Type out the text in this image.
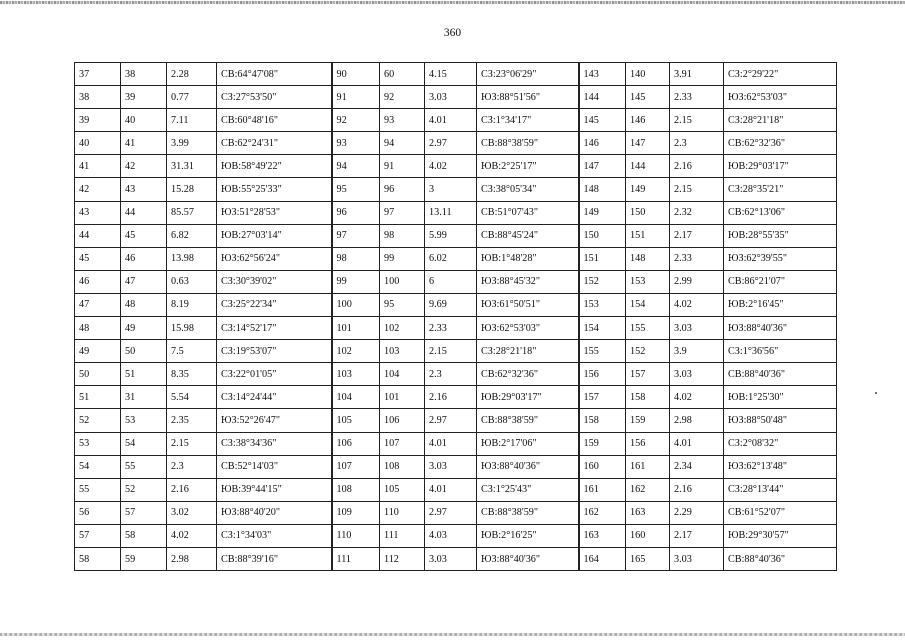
360
37	38	2.28	СВ:64°47'08"	90	60	4.15	СЗ:23°06'29"	143	140	3.91	СЗ:2°29'22"
38	39	0.77	СЗ:27°53'50"	91	92	3.03	ЮЗ:88°51'56"	144	145	2.33	ЮЗ:62°53'03"
39	40	7.11	СВ:60°48'16"	92	93	4.01	СЗ:1°34'17"	145	146	2.15	СЗ:28°21'18"
40	41	3.99	СВ:62°24'31"	93	94	2.97	СВ:88°38'59"	146	147	2.3	СВ:62°32'36"
41	42	31.31	ЮВ:58°49'22"	94	91	4.02	ЮВ:2°25'17"	147	144	2.16	ЮВ:29°03'17"
42	43	15.28	ЮВ:55°25'33"	95	96	3	СЗ:38°05'34"	148	149	2.15	СЗ:28°35'21"
43	44	85.57	ЮЗ:51°28'53"	96	97	13.11	СВ:51°07'43"	149	150	2.32	СВ:62°13'06"
44	45	6.82	ЮВ:27°03'14"	97	98	5.99	СВ:88°45'24"	150	151	2.17	ЮВ:28°55'35"
45	46	13.98	ЮЗ:62°56'24"	98	99	6.02	ЮВ:1°48'28"	151	148	2.33	ЮЗ:62°39'55"
46	47	0.63	СЗ:30°39'02"	99	100	6	ЮЗ:88°45'32"	152	153	2.99	СВ:86°21'07"
47	48	8.19	СЗ:25°22'34"	100	95	9.69	ЮЗ:61°50'51"	153	154	4.02	ЮВ:2°16'45"
48	49	15.98	СЗ:14°52'17"	101	102	2.33	ЮЗ:62°53'03"	154	155	3.03	ЮЗ:88°40'36"
49	50	7.5	СЗ:19°53'07"	102	103	2.15	СЗ:28°21'18"	155	152	3.9	СЗ:1°36'56"
50	51	8.35	СЗ:22°01'05"	103	104	2.3	СВ:62°32'36"	156	157	3.03	СВ:88°40'36"
51	31	5.54	СЗ:14°24'44"	104	101	2.16	ЮВ:29°03'17"	157	158	4.02	ЮВ:1°25'30"
52	53	2.35	ЮЗ:52°26'47"	105	106	2.97	СВ:88°38'59"	158	159	2.98	ЮЗ:88°50'48"
53	54	2.15	СЗ:38°34'36"	106	107	4.01	ЮВ:2°17'06"	159	156	4.01	СЗ:2°08'32"
54	55	2.3	СВ:52°14'03"	107	108	3.03	ЮЗ:88°40'36"	160	161	2.34	ЮЗ:62°13'48"
55	52	2.16	ЮВ:39°44'15"	108	105	4.01	СЗ:1°25'43"	161	162	2.16	СЗ:28°13'44"
56	57	3.02	ЮЗ:88°40'20"	109	110	2.97	СВ:88°38'59"	162	163	2.29	СВ:61°52'07"
57	58	4.02	СЗ:1°34'03"	110	111	4.03	ЮВ:2°16'25"	163	160	2.17	ЮВ:29°30'57"
58	59	2.98	СВ:88°39'16"	111	112	3.03	ЮЗ:88°40'36"	164	165	3.03	СВ:88°40'36"
